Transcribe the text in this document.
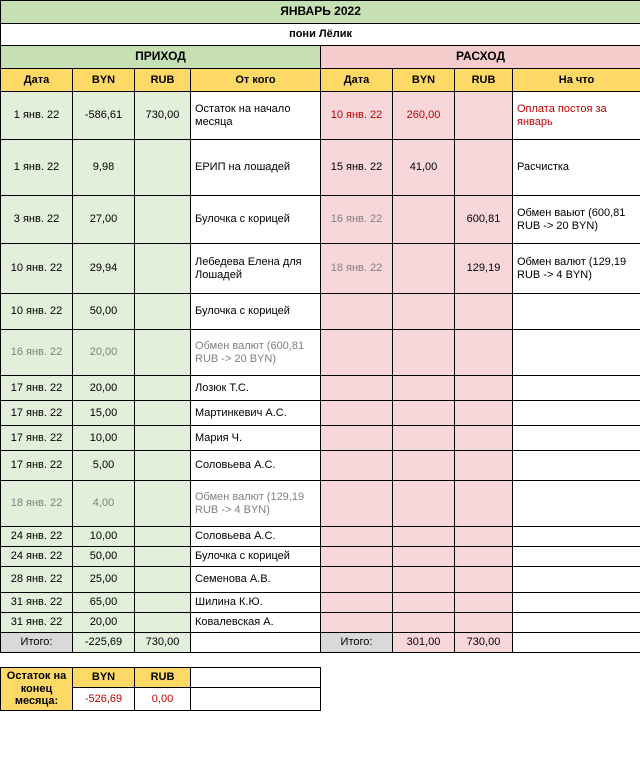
ЯНВАРЬ 2022							
пони Лёлик							
ПРИХОД				РАСХОД			
Дата	BYN	RUB	От кого	Дата	BYN	RUB	На что
1 янв. 22	-586,61	730,00	Остаток на начало месяца	10 янв. 22	260,00		Оплата постоя за январь
1 янв. 22	9,98		ЕРИП на лошадей	15 янв. 22	41,00		Расчистка
3 янв. 22	27,00		Булочка с корицей	16 янв. 22		600,81	Обмен ваьют (600,81 RUB -> 20 BYN)
10 янв. 22	29,94		Лебедева Елена для Лошадей	18 янв. 22		129,19	Обмен валют (129,19 RUB -> 4 BYN)
10 янв. 22	50,00		Булочка с корицей				
16 янв. 22	20,00		Обмен валют (600,81 RUB -> 20 BYN)				
17 янв. 22	20,00		Лозюк Т.С.				
17 янв. 22	15,00		Мартинкевич А.С.				
17 янв. 22	10,00		Мария Ч.				
17 янв. 22	5,00		Соловьева А.С.				
18 янв. 22	4,00		Обмен валют (129,19 RUB -> 4 BYN)				
24 янв. 22	10,00		Соловьева А.С.				
24 янв. 22	50,00		Булочка с корицей				
28 янв. 22	25,00		Семенова А.В.				
31 янв. 22	65,00		Шилина К.Ю.				
31 янв. 22	20,00		Ковалевская А.				
Итого:	-225,69	730,00		Итого:	301,00	730,00	
Остаток на конец месяца:	BYN	RUB	
	-526,69	0,00	
